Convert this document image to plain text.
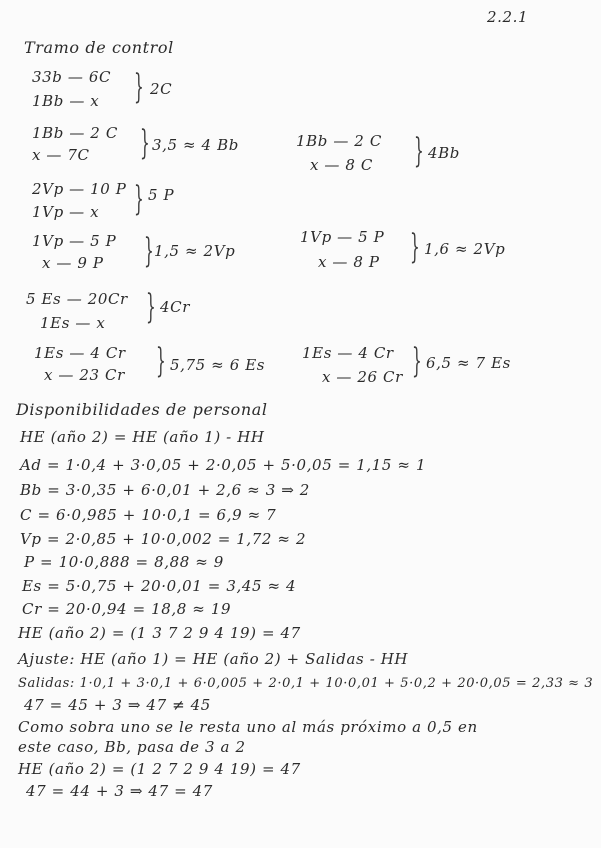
2.2.1
Tramo de control
33b — 6C
1Bb — x } 2C
1Bb — 2 C
x — 7C } 3,5 ≈ 4 Bb	1Bb — 2 C
x — 8 C } 4Bb
2Vp — 10 P
1Vp — x } 5 P
1Vp — 5 P
x — 9 P } 1,5 ≈ 2Vp
1Vp — 5 P
x — 8 P } 1,6 ≈ 2Vp
5 Es — 20Cr
1Es — x } 4Cr
1Es — 4 Cr
x — 23 Cr } 5,75 ≈ 6 Es
1Es — 4 Cr
x — 26 Cr } 6,5 ≈ 7 Es
Disponibilidades de personal
HE (año 2) = HE (año 1) - HH
Ad = 1·0,4 + 3·0,05 + 2·0,05 + 5·0,05 = 1,15 ≈ 1
Bb = 3·0,35 + 6·0,01 + 2,6 ≈ 3 ⇒ 2
C = 6·0,985 + 10·0,1 = 6,9 ≈ 7
Vp = 2·0,85 + 10·0,002 = 1,72 ≈ 2
P = 10·0,888 = 8,88 ≈ 9
Es = 5·0,75 + 20·0,01 = 3,45 ≈ 4
Cr = 20·0,94 = 18,8 ≈ 19
HE (año 2) = (1 3 7 2 9 4 19) = 47
Ajuste: HE (año 1) = HE (año 2) + Salidas - HH
Salidas: 1·0,1 + 3·0,1 + 6·0,005 + 2·0,1 + 10·0,01 + 5·0,2 + 20·0,05 = 2,33 ≈ 3
47 = 45 + 3 ⇒ 47 ≠ 45
Como sobra uno se le resta uno al más próximo a 0,5 en
este caso, Bb, pasa de 3 a 2
HE (año 2) = (1 2 7 2 9 4 19) = 47
47 = 44 + 3 ⇒ 47 = 47
